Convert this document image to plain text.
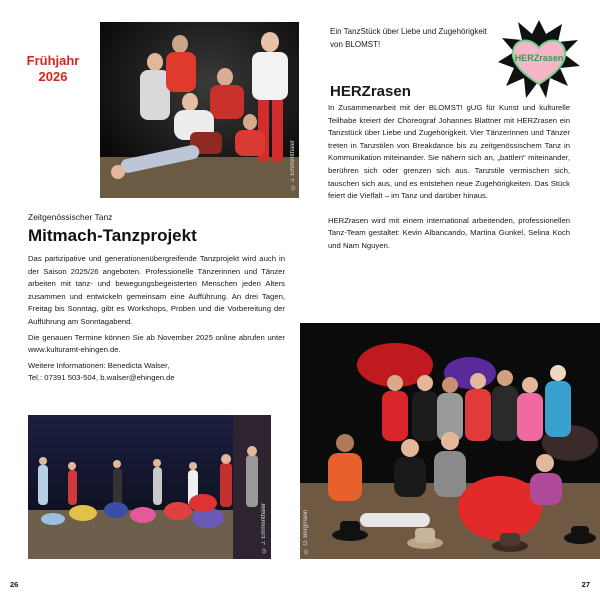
Frühjahr 2026
© J. Emmenthaler
Zeitgenössischer Tanz
Mitmach-Tanzprojekt

Das partizipative und generationenübergreifende Tanzprojekt wird auch in der Saison 2025/26 angeboten. Professionelle Tänzerinnen und Tänzer arbeiten mit tanz- und bewegungsbegeisterten Menschen jeden Alters zusammen und entwickeln gemeinsam eine Aufführung. An drei Tagen, Freitag bis Sonntag, gibt es Workshops, Proben und die Vorbereitung der Aufführung am Sonntagabend.

Die genauen Termine können Sie ab November 2025 online abrufen unter www.kulturamt-ehingen.de.

Weitere Informationen: Benedicta Walser,
Tel.: 07391 503-504, b.walser@ehingen.de
© J. Emmenthaler
26
Ein TanzStück über Liebe und Zugehörigkeit von BLOMST!
HERZrasen
HERZrasen

In Zusammenarbeit mit der BLOMST! gUG für Kunst und kulturelle Teilhabe kreiert der Choreograf Johannes Blattner mit HERZrasen ein Tanzstück über Liebe und Zugehörigkeit. Vier Tänzerinnen und Tänzer treten in Tanzstilen von Breakdance bis zu zeitgenössischem Tanz in Kommunikation miteinander. Sie nähern sich an, „battlen“ miteinander, berühren sich oder grenzen sich aus. Tanzstile vermischen sich, tauschen sich aus, und es entstehen neue Zugehörigkeiten. Das Stück feiert die Vielfalt – im Tanz und darüber hinaus.

HERZrasen wird mit einem international arbeitenden, professionellen Tanz-Team gestaltet: Kevin Albancando, Martina Gunkel, Selina Koch und Nam Nguyen.

© O. Bergmann
27
